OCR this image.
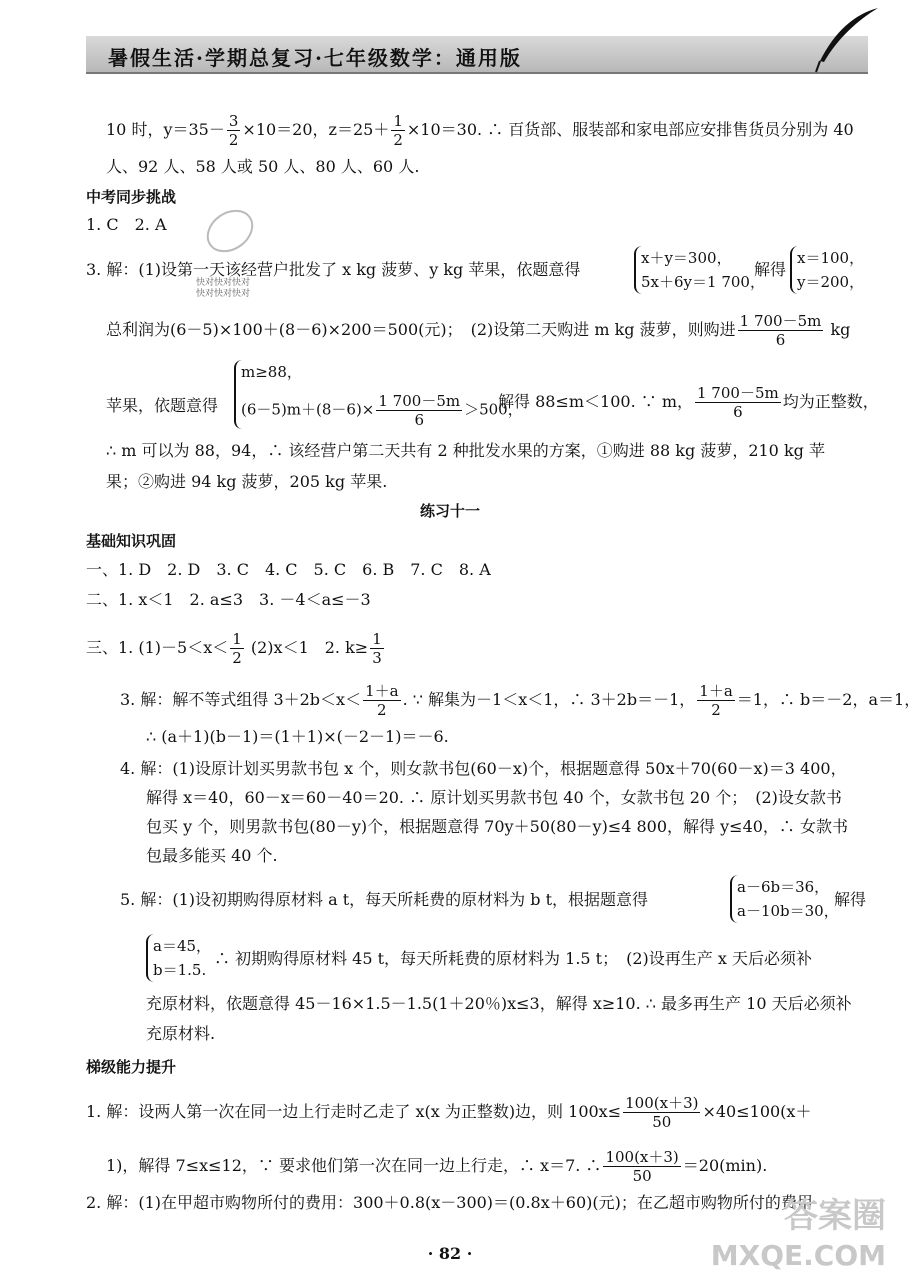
暑假生活·学期总复习·七年级数学：通用版
10 时，$y=35- \frac{3}{2} \times 10=20$，$z=25+ \frac{1}{2} \times 10=30$. ∴ 百货部、服装部和家电部应安排售货员分别为 40
人、92 人、58 人或 50 人、80 人、60 人.
中考同步挑战
1. C　2. A
快对快对快对
快对快对快对
3. 解：(1)设第一天该经营户批发了 x kg 菠萝、y kg 苹果，依题意得
x＋y＝300，
5x＋6y＝1 700，
解得
x＝100，
y＝200，
总利润为(6－5)×100＋(8－6)×200＝500(元)；　(2)设第二天购进 m kg 菠萝，则购进 $\frac{1 700-5m}{6}$ kg
苹果，依题意得
m≥88，
$(6-5)m+(8-6)\times \frac{1 700-5m}{6} >500$，
解得 88≤m＜100. ∵ m， $\frac{1 700-5m}{6}$ 均为正整数，
∴ m 可以为 88，94，∴ 该经营户第二天共有 2 种批发水果的方案，①购进 88 kg 菠萝，210 kg 苹
果；②购进 94 kg 菠萝，205 kg 苹果.
练习十一
基础知识巩固
一、1. D　2. D　3. C　4. C　5. C　6. B　7. C　8. A
二、1. x＜1　2. a≤3　3. －4＜a≤－3
三、1. $(1)-5<x< \frac{1}{2} (2)x<1$　2. $k\ge \frac{1}{3}$
3. 解：解不等式组得 $3+2b<x< \frac{1+a}{2}$ . ∵ 解集为－1＜x＜1，∴ 3＋2b＝－1， $\frac{1+a}{2} =1$，∴ b＝－2，a＝1，
∴ (a＋1)(b－1)＝(1＋1)×(－2－1)＝－6.
4. 解：(1)设原计划买男款书包 x 个，则女款书包(60－x)个，根据题意得 50x＋70(60－x)＝3 400，
解得 x＝40，60－x＝60－40＝20. ∴ 原计划买男款书包 40 个，女款书包 20 个；　(2)设女款书
包买 y 个，则男款书包(80－y)个，根据题意得 70y＋50(80－y)≤4 800，解得 y≤40，∴ 女款书
包最多能买 40 个.
5. 解：(1)设初期购得原材料 a t，每天所耗费的原材料为 b t，根据题意得
a－6b＝36，
a－10b＝30，
解得
a＝45，
b＝1.5.
∴ 初期购得原材料 45 t，每天所耗费的原材料为 1.5 t；　(2)设再生产 x 天后必须补
充原材料，依题意得 45－16×1.5－1.5(1＋20％)x≤3，解得 x≥10. ∴ 最多再生产 10 天后必须补
充原材料.
梯级能力提升
1. 解：设两人第一次在同一边上行走时乙走了 x(x 为正整数)边，则 $100x\le \frac{100(x+3)}{50} \times 40\le 100(x+$
1)，解得 7≤x≤12，∵ 要求他们第一次在同一边上行走，∴ x＝7. ∴ $\frac{100(x+3)}{50} =20(\min)$.
2. 解：(1)在甲超市购物所付的费用：300＋0.8(x－300)＝(0.8x＋60)(元)；在乙超市购物所付的费用
· 82 ·
答案圈
MXQE.COM
